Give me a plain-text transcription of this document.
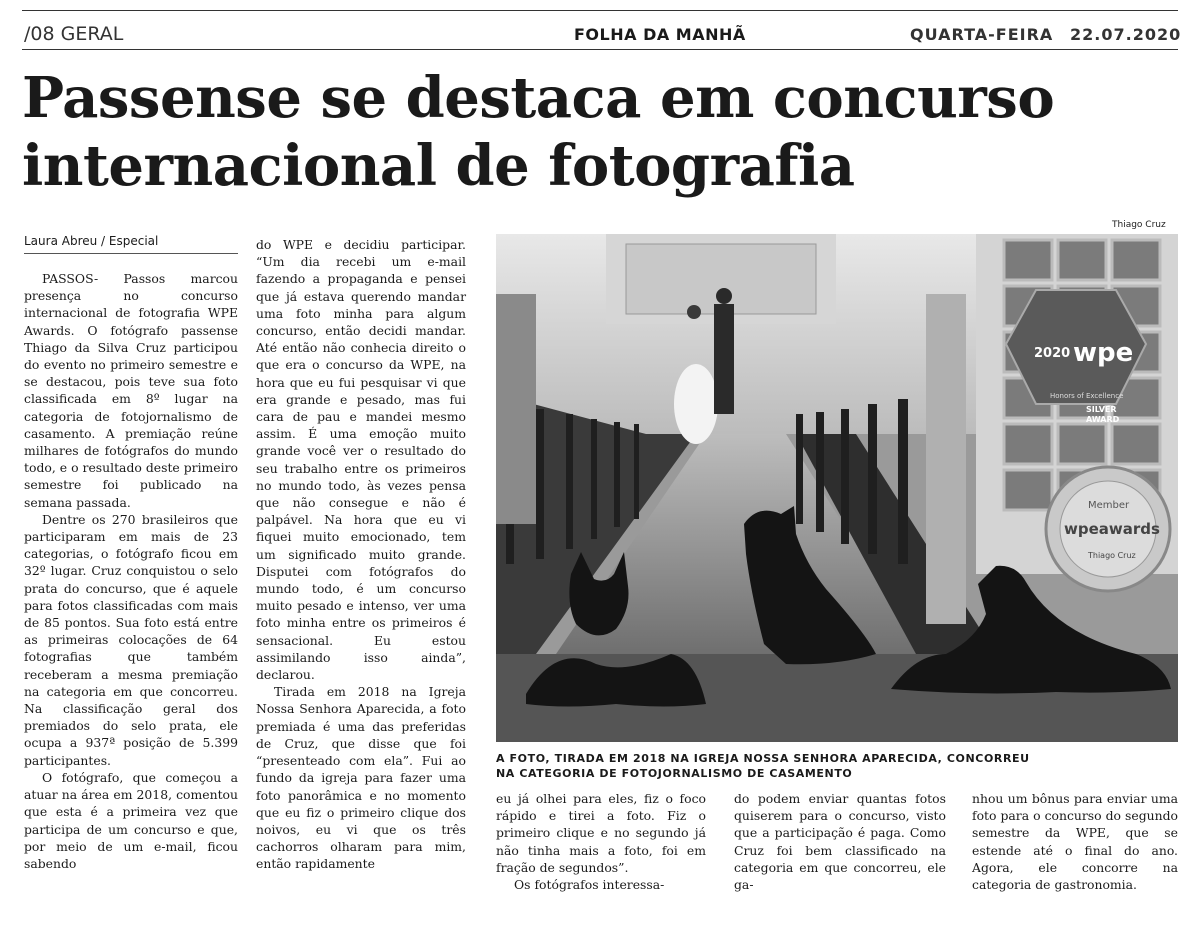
/08 GERAL	FOLHA DA MANHÃ	QUARTA-FEIRA 22.07.2020
Passense se destaca em concurso
internacional de fotografia
Laura Abreu / Especial

PASSOS- Passos marcou presença no concurso internacional de fotografia WPE Awards. O fotógrafo passense Thiago da Silva Cruz participou do evento no primeiro semestre e se destacou, pois teve sua foto classificada em 8º lugar na categoria de fotojornalismo de casamento. A premiação reúne milhares de fotógrafos do mundo todo, e o resultado deste primeiro semestre foi publicado na semana passada.

Dentre os 270 brasileiros que participaram em mais de 23 categorias, o fotógrafo ficou em 32º lugar. Cruz conquistou o selo prata do concurso, que é aquele para fotos classificadas com mais de 85 pontos. Sua foto está entre as primeiras colocações de 64 fotografias que também receberam a mesma premiação na categoria em que concorreu. Na classificação geral dos premiados do selo prata, ele ocupa a 937ª posição de 5.399 participantes.

O fotógrafo, que começou a atuar na área em 2018, comentou que esta é a primeira vez que participa de um concurso e que, por meio de um e-mail, ficou sabendo

do WPE e decidiu participar. “Um dia recebi um e-mail fazendo a propaganda e pensei que já estava querendo mandar uma foto minha para algum concurso, então decidi mandar. Até então não conhecia direito o que era o concurso da WPE, na hora que eu fui pesquisar vi que era grande e pesado, mas fui cara de pau e mandei mesmo assim. É uma emoção muito grande você ver o resultado do seu trabalho entre os primeiros no mundo todo, às vezes pensa que não consegue e não é palpável. Na hora que eu vi fiquei muito emocionado, tem um significado muito grande. Disputei com fotógrafos do mundo todo, é um concurso muito pesado e intenso, ver uma foto minha entre os primeiros é sensacional. Eu estou assimilando isso ainda”, declarou.

Tirada em 2018 na Igreja Nossa Senhora Aparecida, a foto premiada é uma das preferidas de Cruz, que disse que foi “presenteado com ela”. Fui ao fundo da igreja para fazer uma foto panorâmica e no momento que eu fiz o primeiro clique dos noivos, eu vi que os três cachorros olharam para mim, então rapidamente

Thiago Cruz
2020 wpe
Honors of Excellence
SILVER
AWARD
Member
wpeawards
Thiago Cruz
A FOTO, TIRADA EM 2018 NA IGREJA NOSSA SENHORA APARECIDA, CONCORREU
NA CATEGORIA DE FOTOJORNALISMO DE CASAMENTO

eu já olhei para eles, fiz o foco rápido e tirei a foto. Fiz o primeiro clique e no segundo já não tinha mais a foto, foi em fração de segundos”.

Os fotógrafos interessa-

do podem enviar quantas fotos quiserem para o concurso, visto que a participação é paga. Como Cruz foi bem classificado na categoria em que concorreu, ele ga-

nhou um bônus para enviar uma foto para o concurso do segundo semestre da WPE, que se estende até o final do ano. Agora, ele concorre na categoria de gastronomia.
